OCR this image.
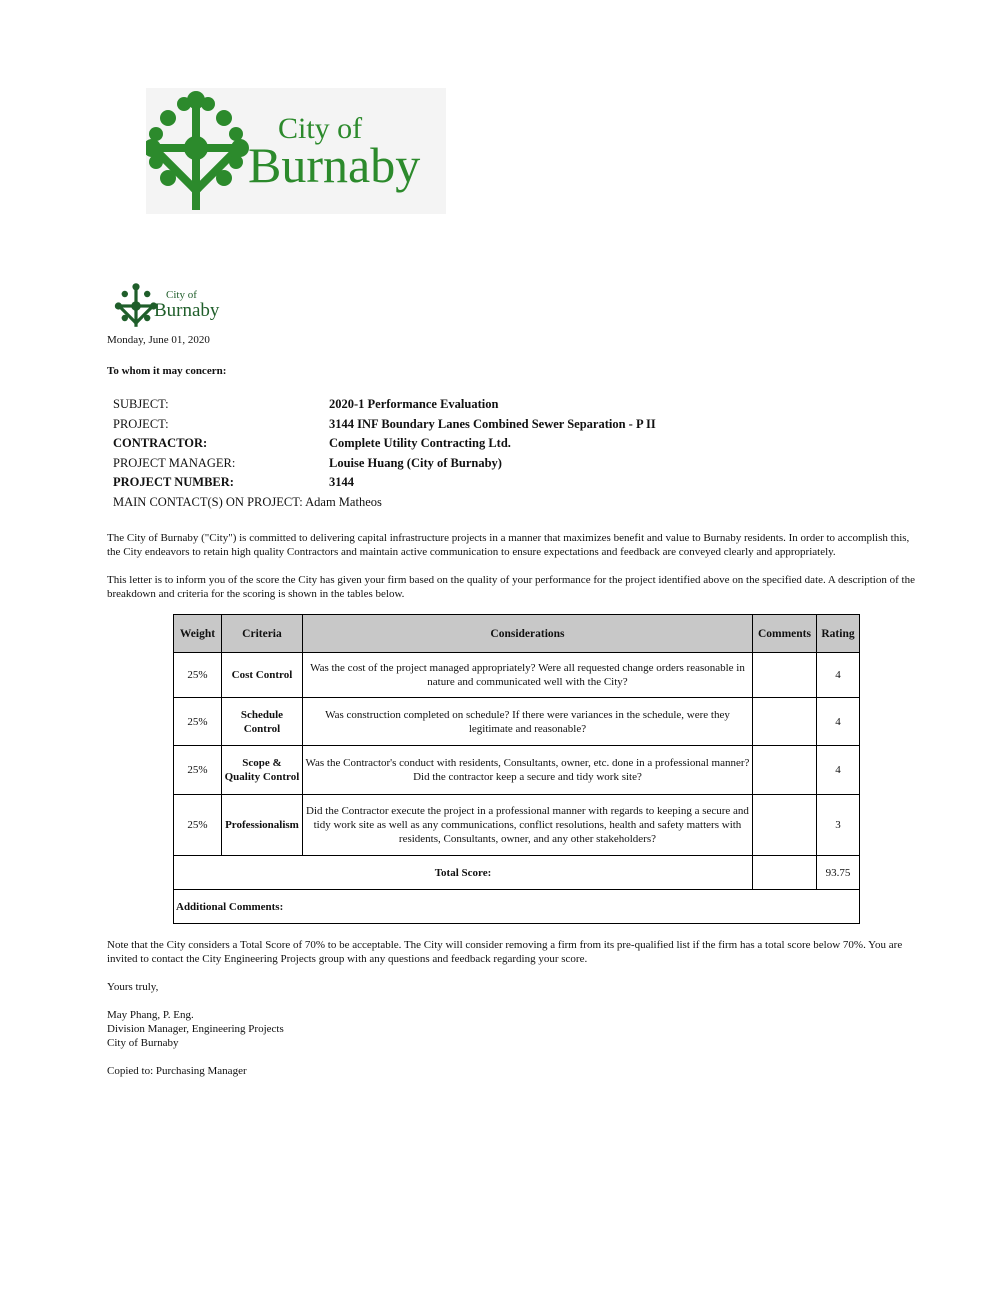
City of
Burnaby
City of
Burnaby
Monday, June 01, 2020
To whom it may concern:
SUBJECT:	2020-1 Performance Evaluation
PROJECT:	3144 INF Boundary Lanes Combined Sewer Separation - P II
CONTRACTOR:	Complete Utility Contracting Ltd.
PROJECT MANAGER:	Louise Huang (City of Burnaby)
PROJECT NUMBER:	3144
MAIN CONTACT(S) ON PROJECT: Adam Matheos
The City of Burnaby ("City") is committed to delivering capital infrastructure projects in a manner that maximizes benefit and value to Burnaby residents. In order to accomplish this, the City endeavors to retain high quality Contractors and maintain active communication to ensure expectations and feedback are conveyed clearly and appropriately.
This letter is to inform you of the score the City has given your firm based on the quality of your performance for the project identified above on the specified date. A description of the breakdown and criteria for the scoring is shown in the tables below.
Weight	Criteria	Considerations	Comments	Rating
25%	Cost Control	Was the cost of the project managed appropriately? Were all requested change orders reasonable in nature and communicated well with the City?		4
25%	Schedule Control	Was construction completed on schedule? If there were variances in the schedule, were they legitimate and reasonable?		4
25%	Scope & Quality Control	Was the Contractor's conduct with residents, Consultants, owner, etc. done in a professional manner? Did the contractor keep a secure and tidy work site?		4
25%	Professionalism	Did the Contractor execute the project in a professional manner with regards to keeping a secure and tidy work site as well as any communications, conflict resolutions, health and safety matters with residents, Consultants, owner, and any other stakeholders?		3
Total Score:				93.75
Additional Comments:				
Note that the City considers a Total Score of 70% to be acceptable. The City will consider removing a firm from its pre-qualified list if the firm has a total score below 70%. You are invited to contact the City Engineering Projects group with any questions and feedback regarding your score.
Yours truly,
May Phang, P. Eng.
Division Manager, Engineering Projects
City of Burnaby
Copied to: Purchasing Manager
